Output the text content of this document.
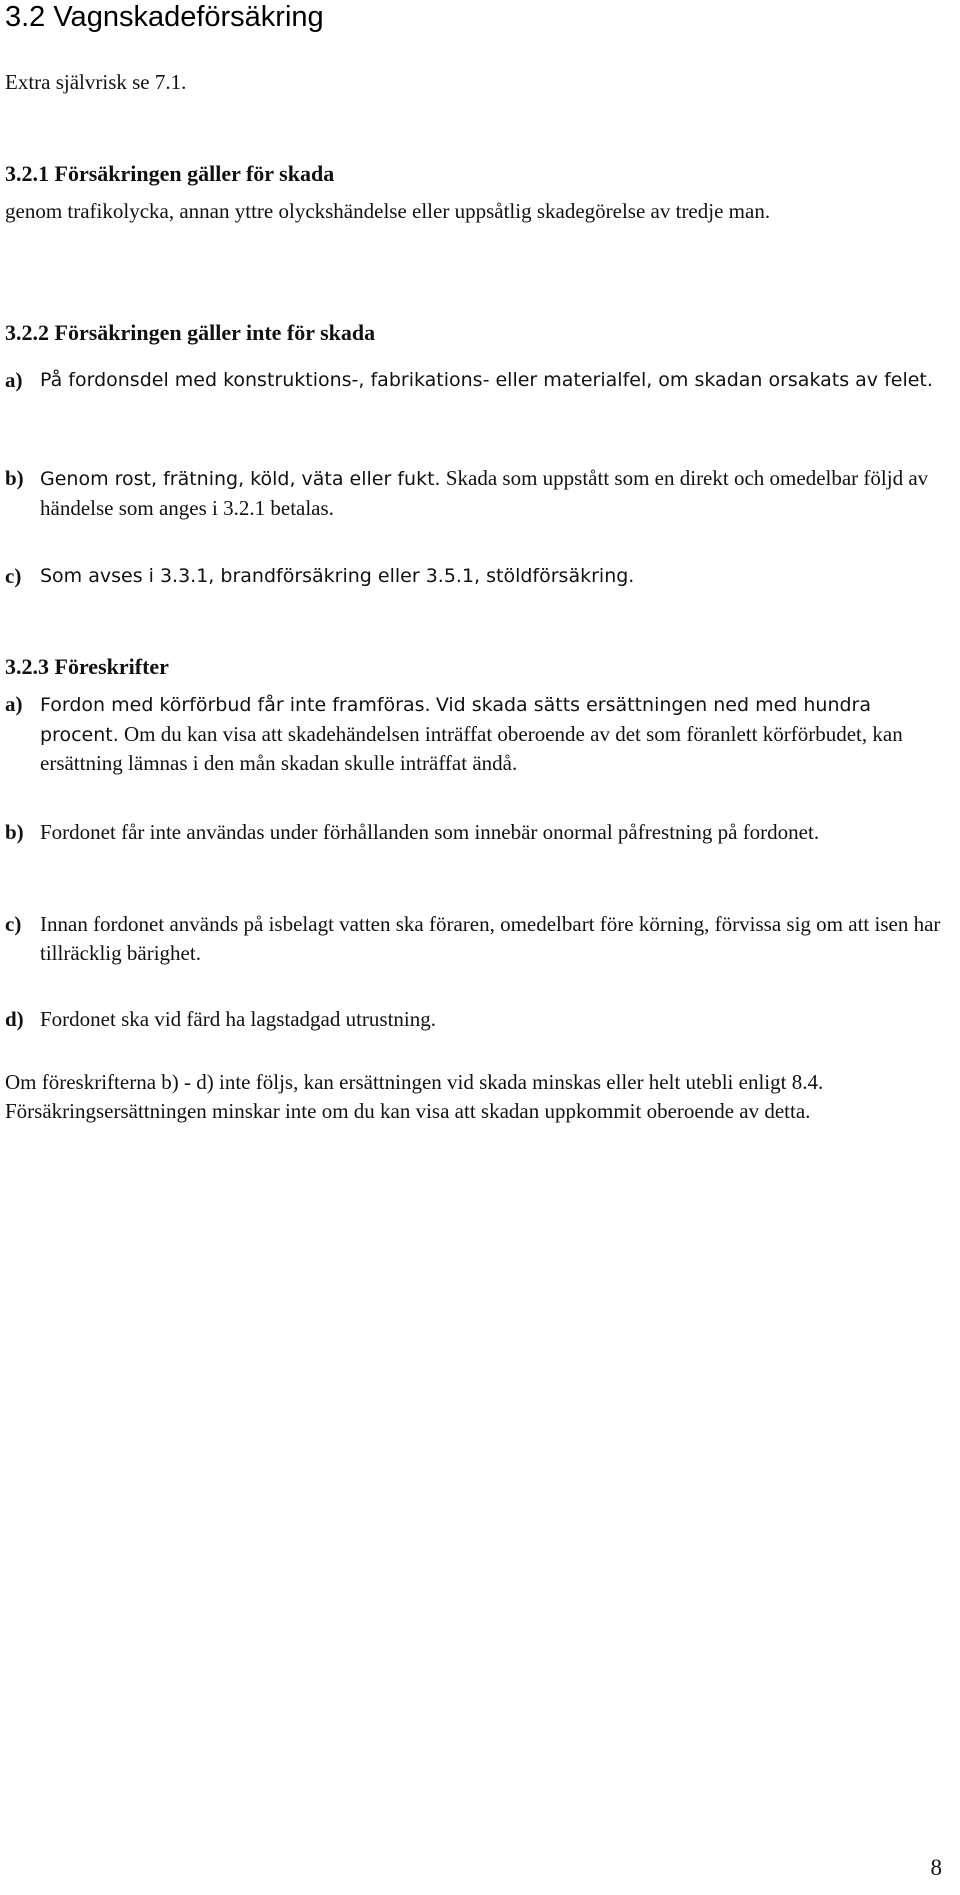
3.2 Vagnskadeförsäkring
Extra självrisk se 7.1.
3.2.1 Försäkringen gäller för skada
genom trafikolycka, annan yttre olyckshändelse eller uppsåtlig skadegörelse av tredje man.
3.2.2 Försäkringen gäller inte för skada
a) På fordonsdel med konstruktions-, fabrikations- eller materialfel, om skadan orsakats av felet.
b) Genom rost, frätning, köld, väta eller fukt. Skada som uppstått som en direkt och omedelbar följd av händelse som anges i 3.2.1 betalas.
c) Som avses i 3.3.1, brandförsäkring eller 3.5.1, stöldförsäkring.
3.2.3 Föreskrifter
a) Fordon med körförbud får inte framföras. Vid skada sätts ersättningen ned med hundra procent. Om du kan visa att skadehändelsen inträffat oberoende av det som föranlett körförbudet, kan ersättning lämnas i den mån skadan skulle inträffat ändå.
b) Fordonet får inte användas under förhållanden som innebär onormal påfrestning på fordonet.
c) Innan fordonet används på isbelagt vatten ska föraren, omedelbart före körning, förvissa sig om att isen har tillräcklig bärighet.
d) Fordonet ska vid färd ha lagstadgad utrustning.
Om föreskrifterna b) - d) inte följs, kan ersättningen vid skada minskas eller helt utebli enligt 8.4. Försäkringsersättningen minskar inte om du kan visa att skadan uppkommit oberoende av detta.
8
